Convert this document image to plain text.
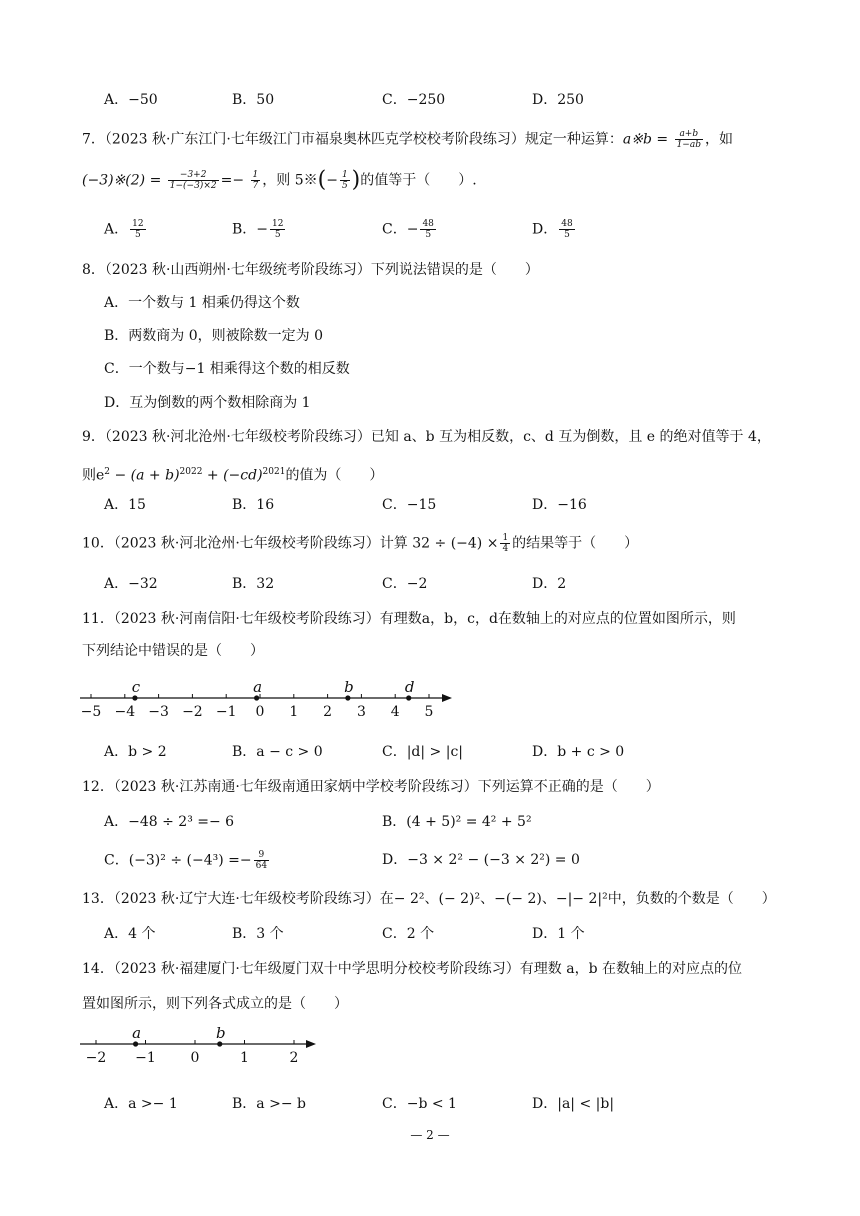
A．−50	B．50	C．−250	D．250
7．（2023 秋·广东江门·七年级江门市福泉奥林匹克学校校考阶段练习）规定一种运算：a※b = $\frac{a+b}{1-ab}$ ，如
(−3)※(2) = $\frac{-3+2}{1-(-3)\times 2} =- \frac{1}{7}$ ，则 5※(− $\frac{1}{5}$ )的值等于（　　）.
A． $\frac{12}{5}$	B．− $\frac{12}{5}$	C．− $\frac{48}{5}$	D． $\frac{48}{5}$
8．（2023 秋·山西朔州·七年级统考阶段练习）下列说法错误的是（　　）
A．一个数与 1 相乘仍得这个数
B．两数商为 0，则被除数一定为 0
C．一个数与−1 相乘得这个数的相反数
D．互为倒数的两个数相除商为 1
9．（2023 秋·河北沧州·七年级校考阶段练习）已知 a、b 互为相反数，c、d 互为倒数，且 e 的绝对值等于 4，
则$e^2 - (a + b)^{2022} + (-cd)^{2021}$的值为（　　）
A．15	B．16	C．−15	D．−16
10．（2023 秋·河北沧州·七年级校考阶段练习）计算 $32 \div (-4) \times \frac{1}{4}$ 的结果等于（　　）
A．−32	B．32	C．−2	D．2
11．（2023 秋·河南信阳·七年级校考阶段练习）有理数a，b，c，d在数轴上的对应点的位置如图所示，则
下列结论中错误的是（　　）
−5 −4 −3 −2 −1 0 1 2 3 4 5
c	a	b	d
A．b > 2	B．a − c > 0	C．|d| > |c|	D．b + c > 0
12．（2023 秋·江苏南通·七年级南通田家炳中学校考阶段练习）下列运算不正确的是（　　）
A．−48 ÷ 2³ =− 6	B．(4 + 5)² = 4² + 5²
C．$(-3)^2 \div (-4^3) =- \frac{9}{64}$	D．−3 × 2² − (−3 × 2²) = 0
13．（2023 秋·辽宁大连·七年级校考阶段练习）在− 2²、(− 2)²、−(− 2)、−|− 2|²中，负数的个数是（　　）
A．4 个	B．3 个	C．2 个	D．1 个
14．（2023 秋·福建厦门·七年级厦门双十中学思明分校校考阶段练习）有理数 a，b 在数轴上的对应点的位
置如图所示，则下列各式成立的是（　　）
−2 −1 0	1	2
a	b
A．a >− 1	B．a >− b	C．−b < 1	D．|a| < |b|
— 2 —
